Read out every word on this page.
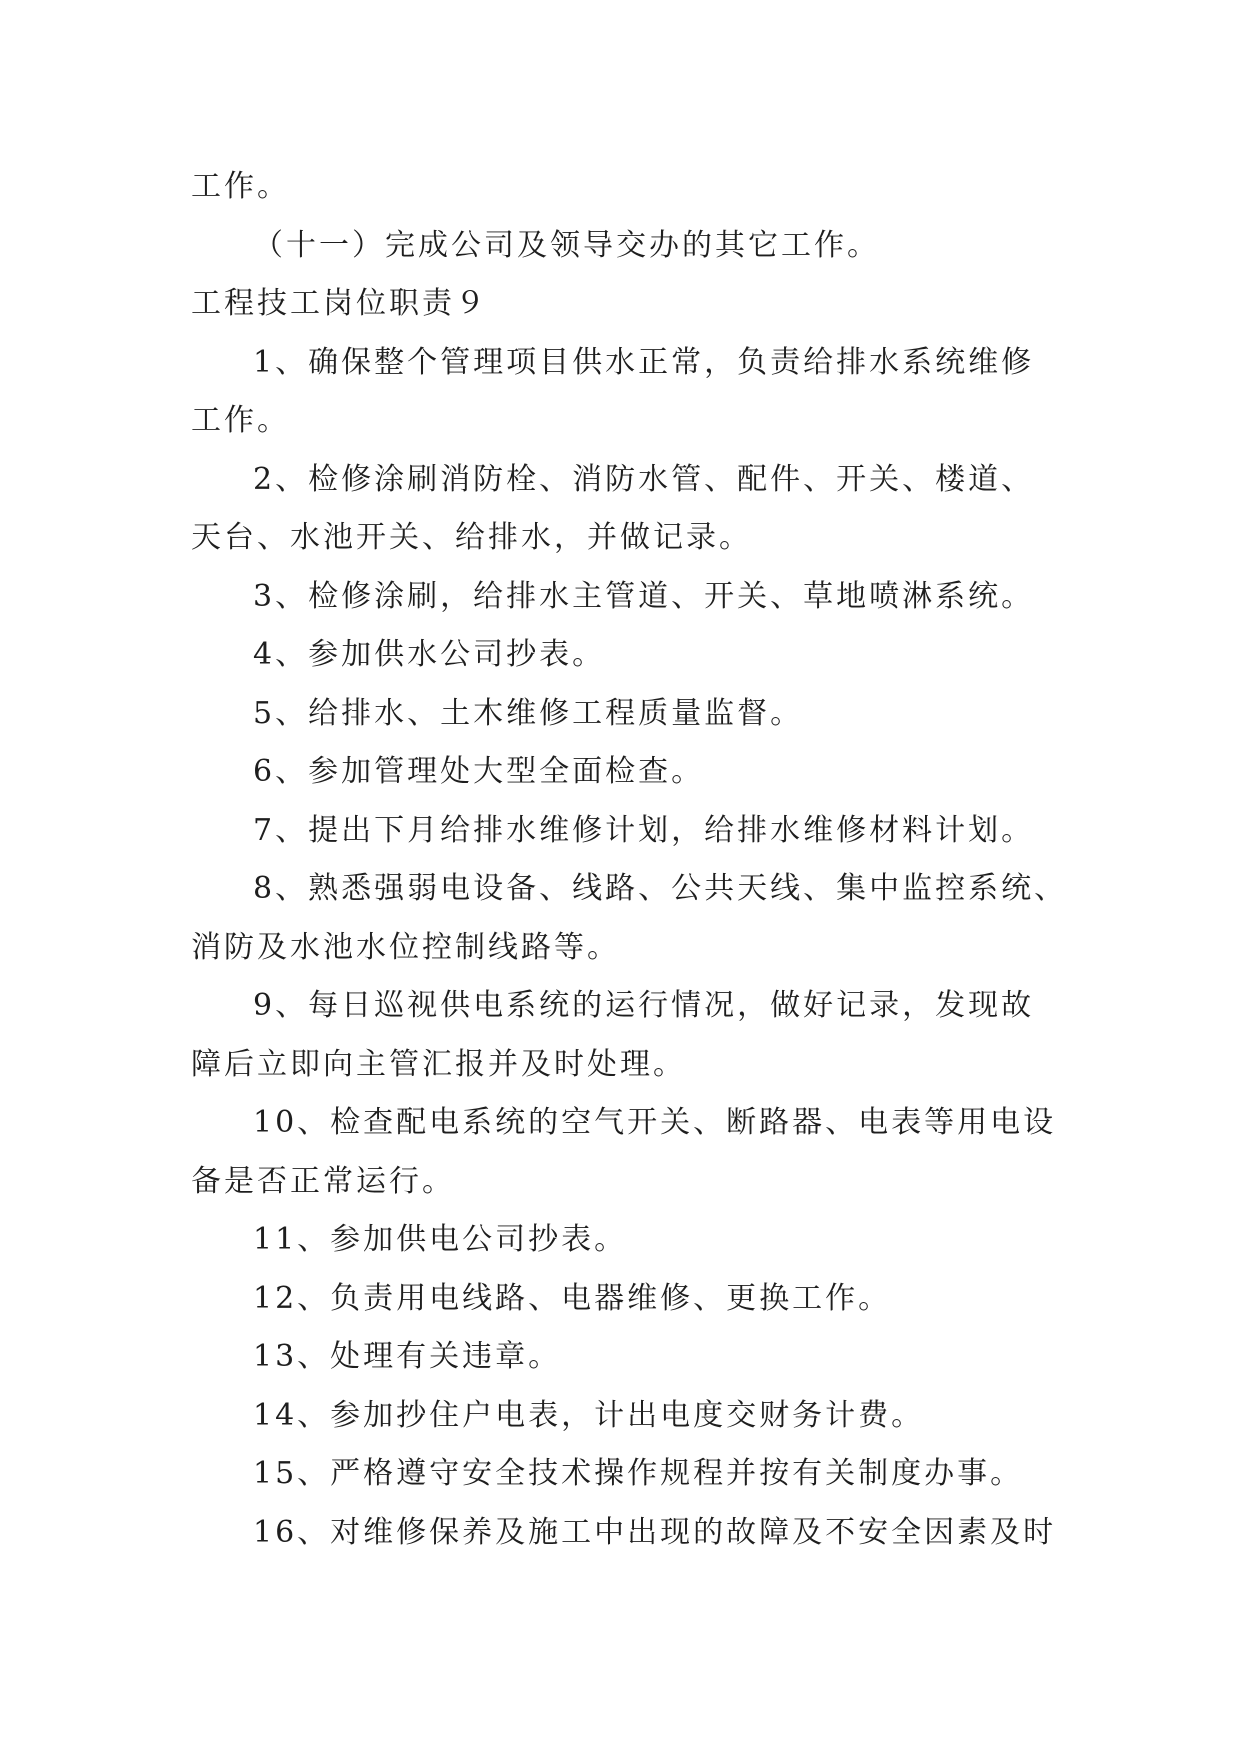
工作。

（十一）完成公司及领导交办的其它工作。

工程技工岗位职责９

1、确保整个管理项目供水正常，负责给排水系统维修

工作。

2、检修涂刷消防栓、消防水管、配件、开关、楼道、

天台、水池开关、给排水，并做记录。

3、检修涂刷，给排水主管道、开关、草地喷淋系统。

4、参加供水公司抄表。

5、给排水、土木维修工程质量监督。

6、参加管理处大型全面检查。

7、提出下月给排水维修计划，给排水维修材料计划。

8、熟悉强弱电设备、线路、公共天线、集中监控系统、

消防及水池水位控制线路等。

9、每日巡视供电系统的运行情况，做好记录，发现故

障后立即向主管汇报并及时处理。

10、检查配电系统的空气开关、断路器、电表等用电设

备是否正常运行。

11、参加供电公司抄表。

12、负责用电线路、电器维修、更换工作。

13、处理有关违章。

14、参加抄住户电表，计出电度交财务计费。

15、严格遵守安全技术操作规程并按有关制度办事。

16、对维修保养及施工中出现的故障及不安全因素及时
